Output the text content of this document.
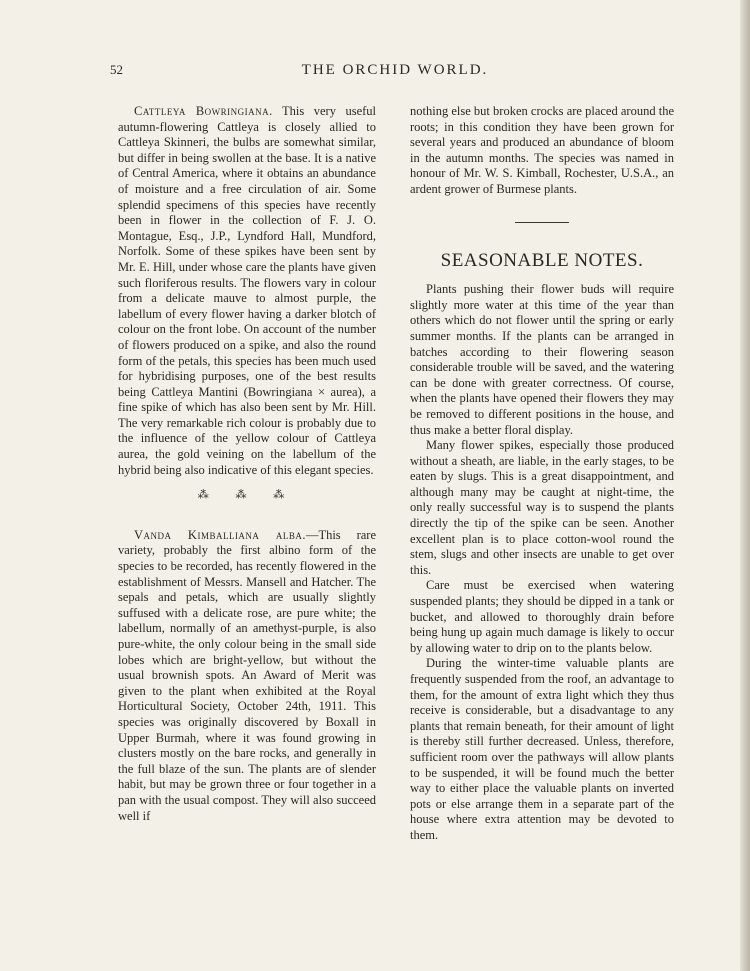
52	THE ORCHID WORLD.

Cattleya Bowringiana. This very useful autumn-flowering Cattleya is closely allied to Cattleya Skinneri, the bulbs are somewhat similar, but differ in being swollen at the base. It is a native of Central America, where it obtains an abundance of moisture and a free circulation of air. Some splendid specimens of this species have recently been in flower in the collection of F. J. O. Montague, Esq., J.P., Lyndford Hall, Mundford, Norfolk. Some of these spikes have been sent by Mr. E. Hill, under whose care the plants have given such floriferous results. The flowers vary in colour from a delicate mauve to almost purple, the labellum of every flower having a darker blotch of colour on the front lobe. On account of the number of flowers produced on a spike, and also the round form of the petals, this species has been much used for hybridising purposes, one of the best results being Cattleya Mantini (Bowringiana × aurea), a fine spike of which has also been sent by Mr. Hill. The very remarkable rich colour is probably due to the influence of the yellow colour of Cattleya aurea, the gold veining on the labellum of the hybrid being also indicative of this elegant species.

⁂ ⁂ ⁂

Vanda Kimballiana alba.—This rare variety, probably the first albino form of the species to be recorded, has recently flowered in the establishment of Messrs. Mansell and Hatcher. The sepals and petals, which are usually slightly suffused with a delicate rose, are pure white; the labellum, normally of an amethyst-purple, is also pure-white, the only colour being in the small side lobes which are bright-yellow, but without the usual brownish spots. An Award of Merit was given to the plant when exhibited at the Royal Horticultural Society, October 24th, 1911. This species was originally discovered by Boxall in Upper Burmah, where it was found growing in clusters mostly on the bare rocks, and generally in the full blaze of the sun. The plants are of slender habit, but may be grown three or four together in a pan with the usual compost. They will also succeed well if

nothing else but broken crocks are placed around the roots; in this condition they have been grown for several years and produced an abundance of bloom in the autumn months. The species was named in honour of Mr. W. S. Kimball, Rochester, U.S.A., an ardent grower of Burmese plants.

SEASONABLE NOTES.

Plants pushing their flower buds will require slightly more water at this time of the year than others which do not flower until the spring or early summer months. If the plants can be arranged in batches according to their flowering season considerable trouble will be saved, and the watering can be done with greater correctness. Of course, when the plants have opened their flowers they may be removed to different positions in the house, and thus make a better floral display.

Many flower spikes, especially those produced without a sheath, are liable, in the early stages, to be eaten by slugs. This is a great disappointment, and although many may be caught at night-time, the only really successful way is to suspend the plants directly the tip of the spike can be seen. Another excellent plan is to place cotton-wool round the stem, slugs and other insects are unable to get over this.

Care must be exercised when watering suspended plants; they should be dipped in a tank or bucket, and allowed to thoroughly drain before being hung up again much damage is likely to occur by allowing water to drip on to the plants below.

During the winter-time valuable plants are frequently suspended from the roof, an advantage to them, for the amount of extra light which they thus receive is considerable, but a disadvantage to any plants that remain beneath, for their amount of light is thereby still further decreased. Unless, therefore, sufficient room over the pathways will allow plants to be suspended, it will be found much the better way to either place the valuable plants on inverted pots or else arrange them in a separate part of the house where extra attention may be devoted to them.
